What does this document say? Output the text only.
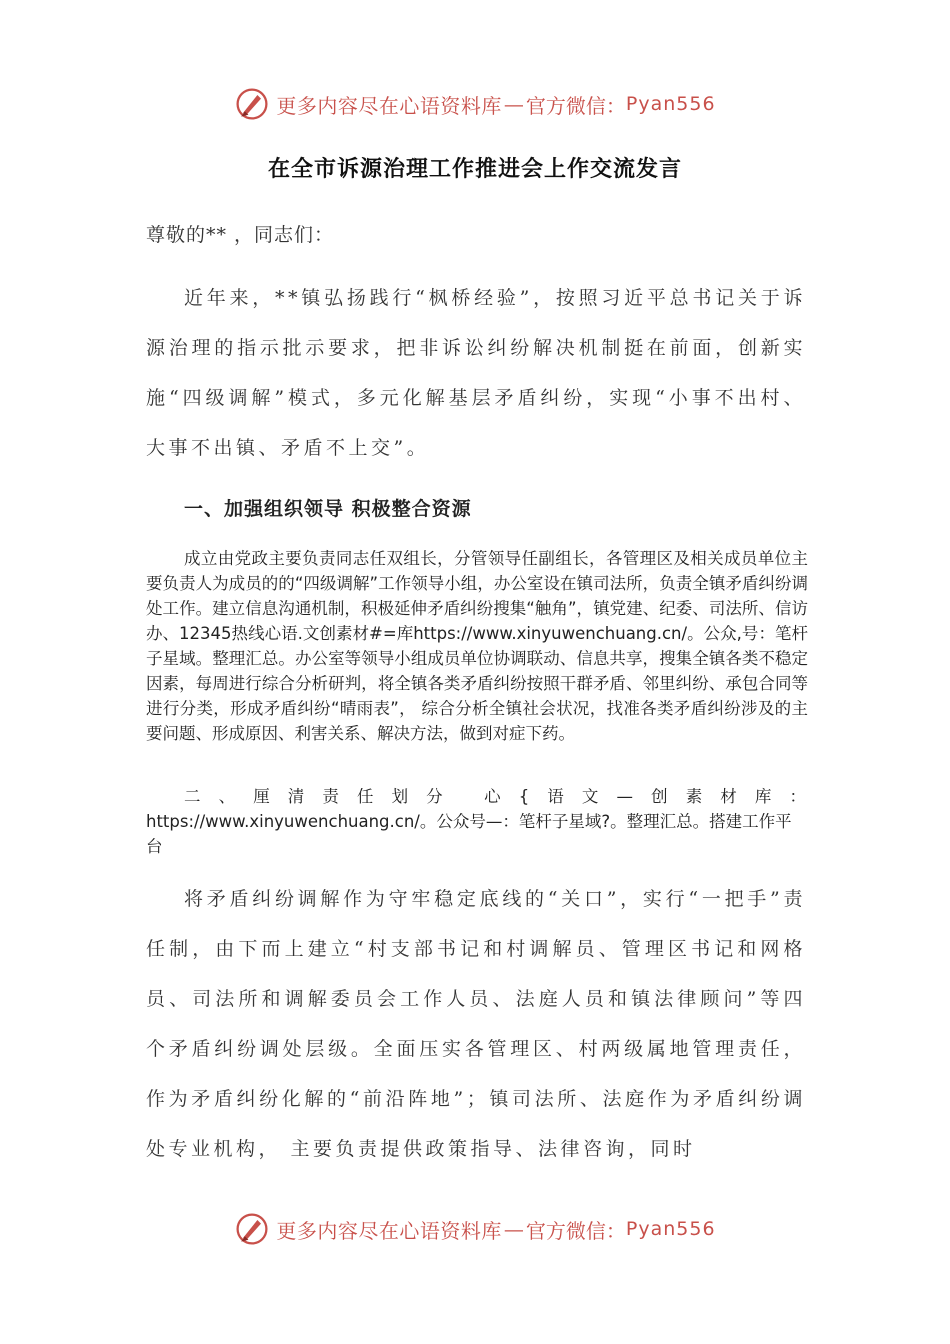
更多内容尽在心语资料库 — 官方微信： Pyan556
在全市诉源治理工作推进会上作交流发言
尊敬的** ，同志们：

近年来，**镇弘扬践行“枫桥经验”，按照习近平总书记关于诉源治理的指示批示要求，把非诉讼纠纷解决机制挺在前面，创新实施“四级调解”模式，多元化解基层矛盾纠纷，实现“小事不出村、大事不出镇、矛盾不上交”。

一、加强组织领导 积极整合资源

成立由党政主要负责同志任双组长，分管领导任副组长，各管理区及相关成员单位主要负责人为成员的的“四级调解”工作领导小组，办公室设在镇司法所，负责全镇矛盾纠纷调处工作。建立信息沟通机制，积极延伸矛盾纠纷搜集“触角”，镇党建、纪委、司法所、信访办、12345热线心语.文创素材#=库https://www.xinyuwenchuang.cn/。公众,号：笔杆子星域。整理汇总。办公室等领导小组成员单位协调联动、信息共享，搜集全镇各类不稳定因素，每周进行综合分析研判，将全镇各类矛盾纠纷按照干群矛盾、邻里纠纷、承包合同等进行分类，形成矛盾纠纷“晴雨表”， 综合分析全镇社会状况，找准各类矛盾纠纷涉及的主要问题、形成原因、利害关系、解决方法，做到对症下药。

二、厘清责任划分 心{语文—创素材库：
https://www.xinyuwenchuang.cn/。公众号—：笔杆子星域?。整理汇总。搭建工作平台

将矛盾纠纷调解作为守牢稳定底线的“关口”，实行“一把手”责任制，由下而上建立“村支部书记和村调解员、管理区书记和网格员、司法所和调解委员会工作人员、法庭人员和镇法律顾问”等四个矛盾纠纷调处层级。全面压实各管理区、村两级属地管理责任，作为矛盾纠纷化解的“前沿阵地”；镇司法所、法庭作为矛盾纠纷调处专业机构， 主要负责提供政策指导、法律咨询，同时

更多内容尽在心语资料库 — 官方微信： Pyan556
